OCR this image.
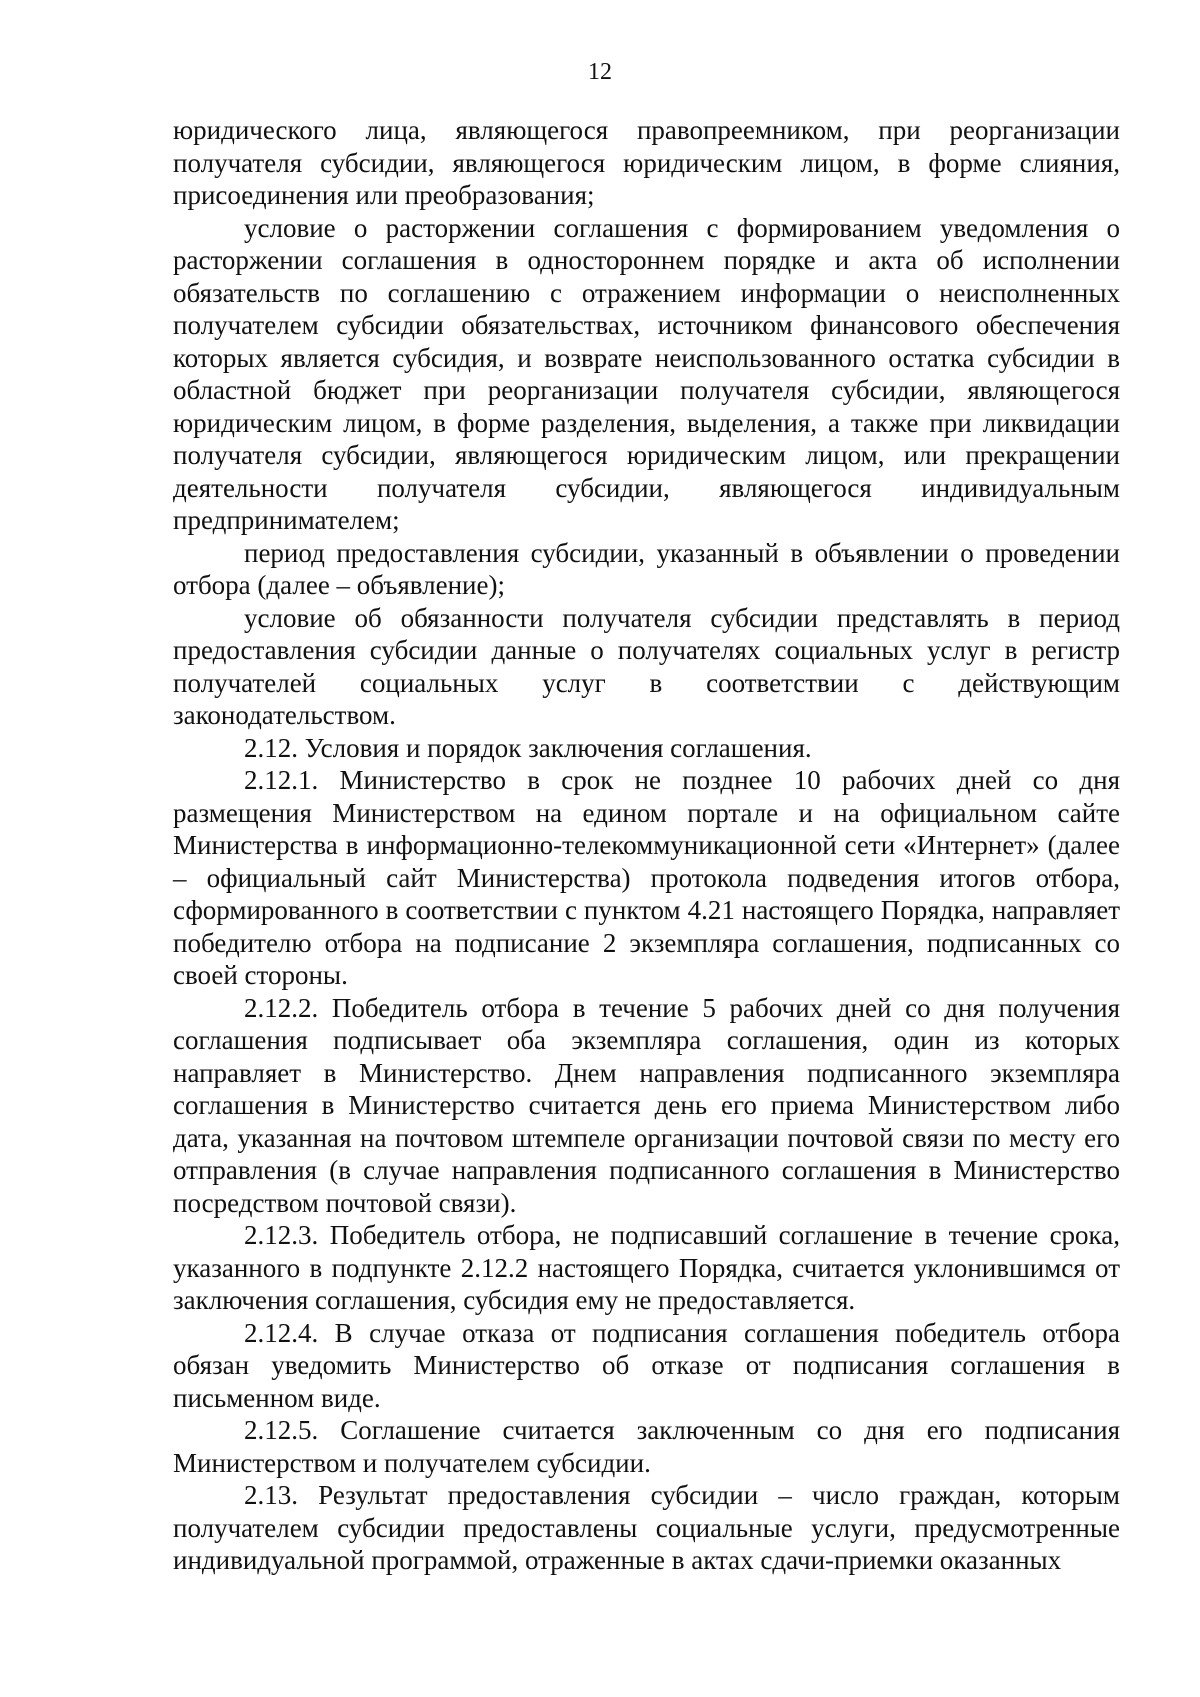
12

юридического лица, являющегося правопреемником, при реорганизации получателя субсидии, являющегося юридическим лицом, в форме слияния, присоединения или преобразования;

условие о расторжении соглашения с формированием уведомления о расторжении соглашения в одностороннем порядке и акта об исполнении обязательств по соглашению с отражением информации о неисполненных получателем субсидии обязательствах, источником финансового обеспечения которых является субсидия, и возврате неиспользованного остатка субсидии в областной бюджет при реорганизации получателя субсидии, являющегося юридическим лицом, в форме разделения, выделения, а также при ликвидации получателя субсидии, являющегося юридическим лицом, или прекращении деятельности получателя субсидии, являющегося индивидуальным предпринимателем;

период предоставления субсидии, указанный в объявлении о проведении отбора (далее – объявление);

условие об обязанности получателя субсидии представлять в период предоставления субсидии данные о получателях социальных услуг в регистр получателей социальных услуг в соответствии с действующим законодательством.

2.12. Условия и порядок заключения соглашения.

2.12.1. Министерство в срок не позднее 10 рабочих дней со дня размещения Министерством на едином портале и на официальном сайте Министерства в информационно-телекоммуникационной сети «Интернет» (далее – официальный сайт Министерства) протокола подведения итогов отбора, сформированного в соответствии с пунктом 4.21 настоящего Порядка, направляет победителю отбора на подписание 2 экземпляра соглашения, подписанных со своей стороны.

2.12.2. Победитель отбора в течение 5 рабочих дней со дня получения соглашения подписывает оба экземпляра соглашения, один из которых направляет в Министерство. Днем направления подписанного экземпляра соглашения в Министерство считается день его приема Министерством либо дата, указанная на почтовом штемпеле организации почтовой связи по месту его отправления (в случае направления подписанного соглашения в Министерство посредством почтовой связи).

2.12.3. Победитель отбора, не подписавший соглашение в течение срока, указанного в подпункте 2.12.2 настоящего Порядка, считается уклонившимся от заключения соглашения, субсидия ему не предоставляется.

2.12.4. В случае отказа от подписания соглашения победитель отбора обязан уведомить Министерство об отказе от подписания соглашения в письменном виде.

2.12.5. Соглашение считается заключенным со дня его подписания Министерством и получателем субсидии.

2.13. Результат предоставления субсидии – число граждан, которым получателем субсидии предоставлены социальные услуги, предусмотренные индивидуальной программой, отраженные в актах сдачи-приемки оказанных
